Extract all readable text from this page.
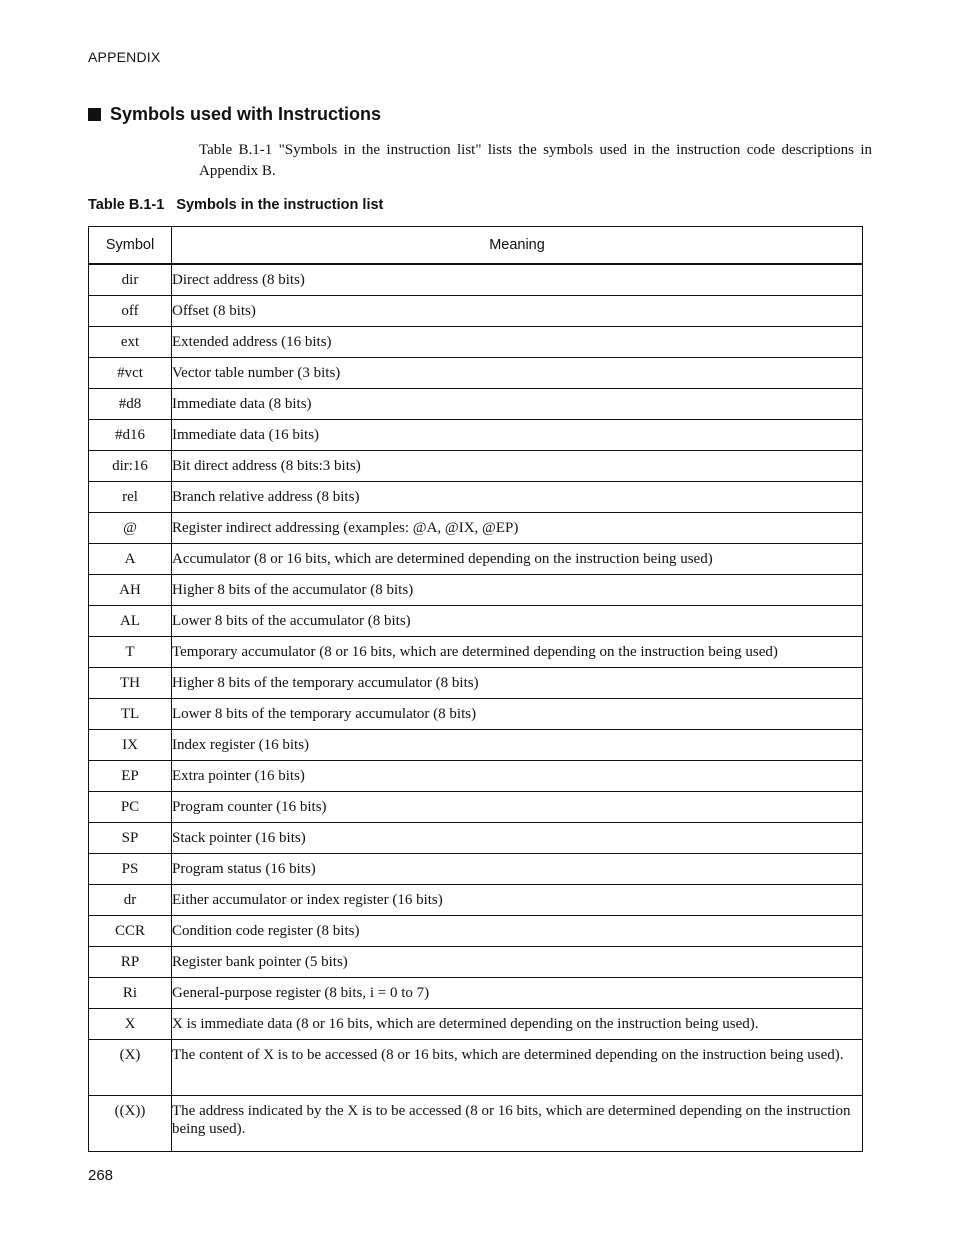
APPENDIX
Symbols used with Instructions
Table B.1-1 "Symbols in the instruction list" lists the symbols used in the instruction code descriptions in Appendix B.
Table B.1-1 Symbols in the instruction list
Symbol	Meaning
dir	Direct address (8 bits)
off	Offset (8 bits)
ext	Extended address (16 bits)
#vct	Vector table number (3 bits)
#d8	Immediate data (8 bits)
#d16	Immediate data (16 bits)
dir:16	Bit direct address (8 bits:3 bits)
rel	Branch relative address (8 bits)
@	Register indirect addressing (examples: @A, @IX, @EP)
A	Accumulator (8 or 16 bits, which are determined depending on the instruction being used)
AH	Higher 8 bits of the accumulator (8 bits)
AL	Lower 8 bits of the accumulator (8 bits)
T	Temporary accumulator (8 or 16 bits, which are determined depending on the instruction being used)
TH	Higher 8 bits of the temporary accumulator (8 bits)
TL	Lower 8 bits of the temporary accumulator (8 bits)
IX	Index register (16 bits)
EP	Extra pointer (16 bits)
PC	Program counter (16 bits)
SP	Stack pointer (16 bits)
PS	Program status (16 bits)
dr	Either accumulator or index register (16 bits)
CCR	Condition code register (8 bits)
RP	Register bank pointer (5 bits)
Ri	General-purpose register (8 bits, i = 0 to 7)
X	X is immediate data (8 or 16 bits, which are determined depending on the instruction being used).
(X)	The content of X is to be accessed (8 or 16 bits, which are determined depending on the instruction being used).
((X))	The address indicated by the X is to be accessed (8 or 16 bits, which are determined depending on the instruction being used).
268
